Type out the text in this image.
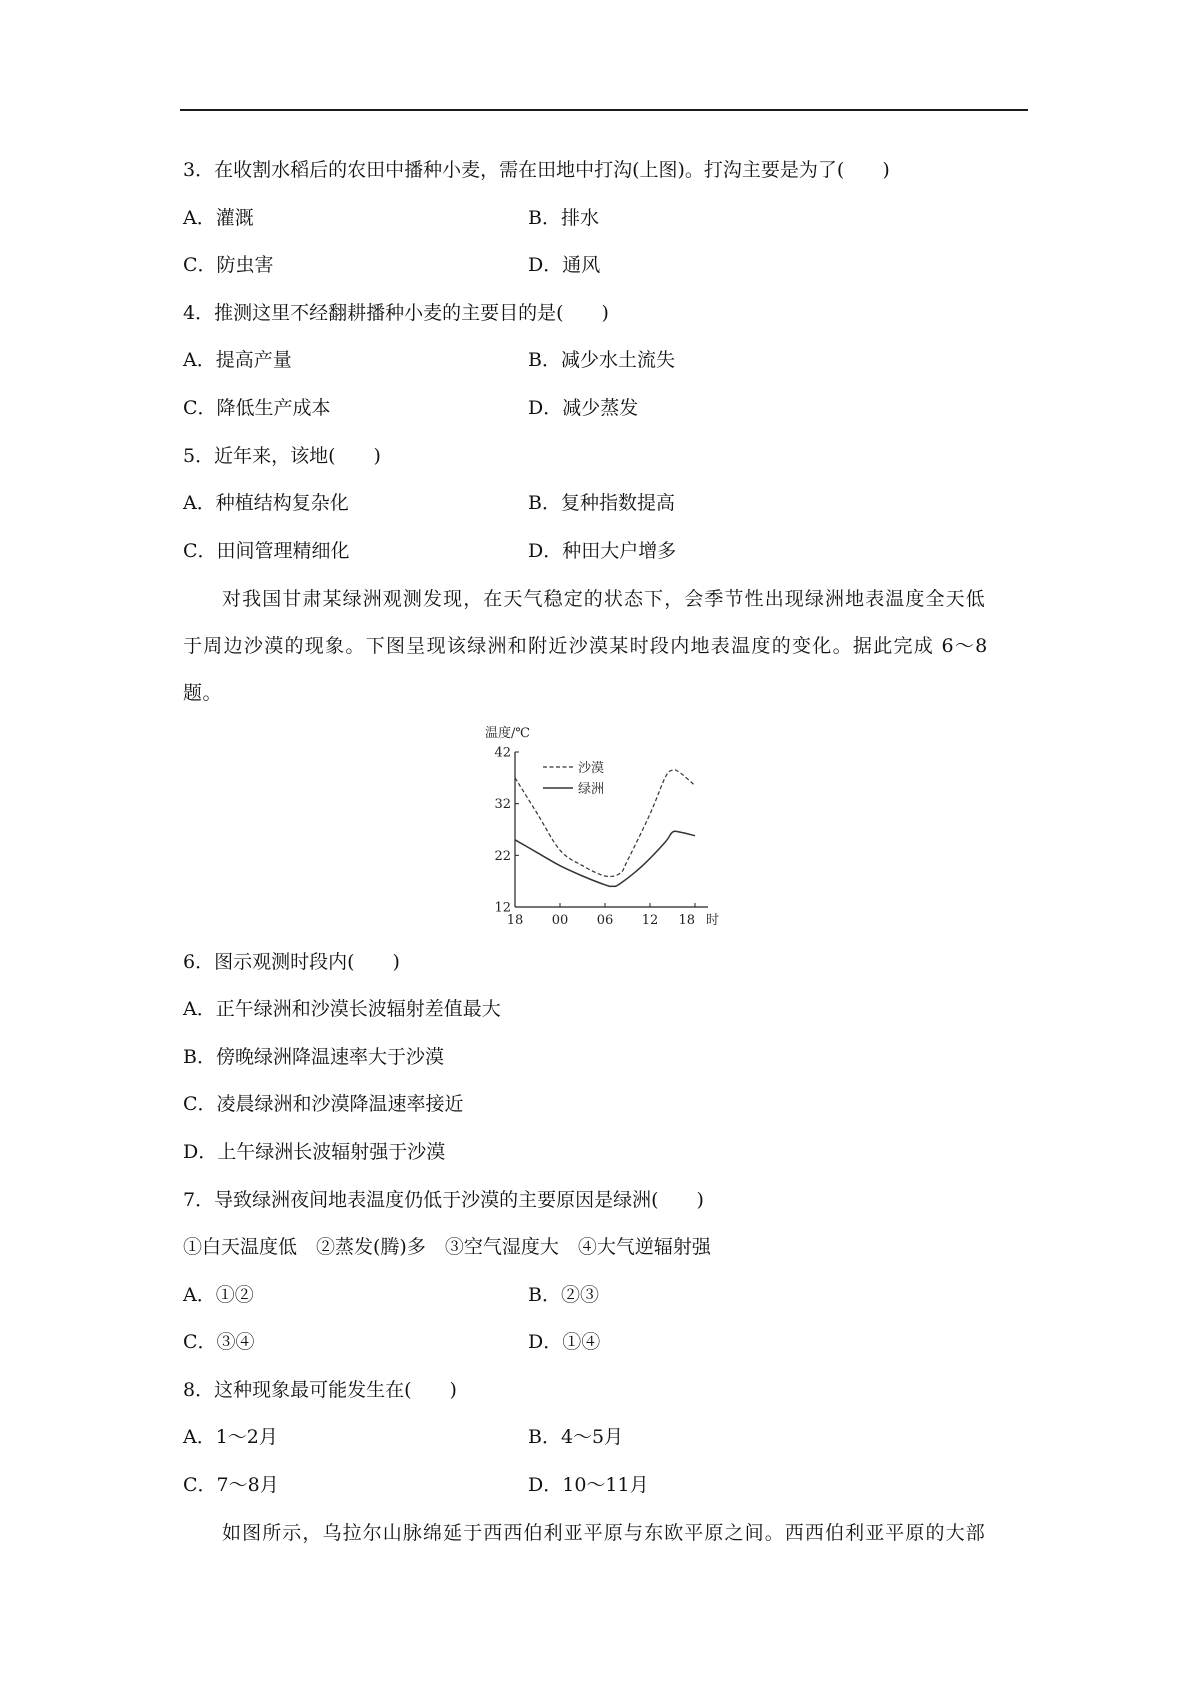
3．在收割水稻后的农田中播种小麦，需在田地中打沟(上图)。打沟主要是为了(　　)
A．灌溉	B．排水
C．防虫害	D．通风
4．推测这里不经翻耕播种小麦的主要目的是(　　)
A．提高产量	B．减少水土流失
C．降低生产成本	D．减少蒸发
5．近年来，该地(　　)
A．种植结构复杂化	B．复种指数提高
C．田间管理精细化	D．种田大户增多
对我国甘肃某绿洲观测发现，在天气稳定的状态下，会季节性出现绿洲地表温度全天低
于周边沙漠的现象。下图呈现该绿洲和附近沙漠某时段内地表温度的变化。据此完成 6～8
题。
温度/℃
42
32
22
12
18 00 06 12 18 时
沙漠
绿洲
6．图示观测时段内(　　)
A．正午绿洲和沙漠长波辐射差值最大
B．傍晚绿洲降温速率大于沙漠
C．凌晨绿洲和沙漠降温速率接近
D．上午绿洲长波辐射强于沙漠
7．导致绿洲夜间地表温度仍低于沙漠的主要原因是绿洲(　　)
①白天温度低　②蒸发(腾)多　③空气湿度大　④大气逆辐射强
A．①②	B．②③
C．③④	D．①④
8．这种现象最可能发生在(　　)
A．1～2月	B．4～5月
C．7～8月	D．10～11月
如图所示，乌拉尔山脉绵延于西西伯利亚平原与东欧平原之间。西西伯利亚平原的大部
